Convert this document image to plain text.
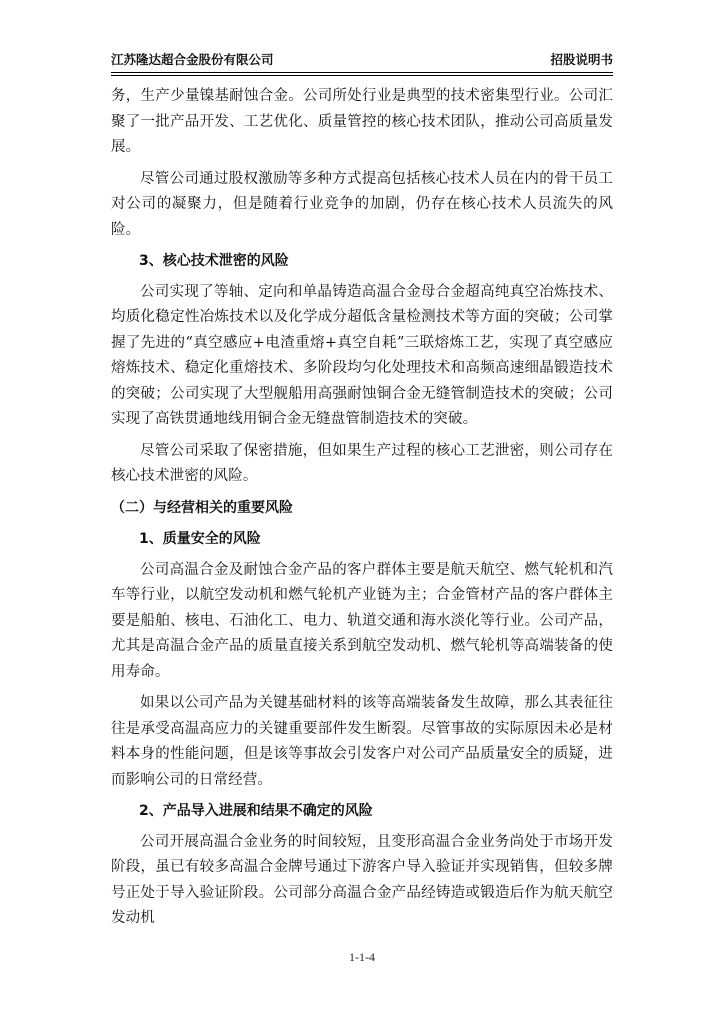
江苏隆达超合金股份有限公司	招股说明书

务，生产少量镍基耐蚀合金。公司所处行业是典型的技术密集型行业。公司汇聚了一批产品开发、工艺优化、质量管控的核心技术团队，推动公司高质量发展。

尽管公司通过股权激励等多种方式提高包括核心技术人员在内的骨干员工对公司的凝聚力，但是随着行业竞争的加剧，仍存在核心技术人员流失的风险。

3、核心技术泄密的风险

公司实现了等轴、定向和单晶铸造高温合金母合金超高纯真空冶炼技术、均质化稳定性冶炼技术以及化学成分超低含量检测技术等方面的突破；公司掌握了先进的“真空感应+电渣重熔+真空自耗”三联熔炼工艺，实现了真空感应熔炼技术、稳定化重熔技术、多阶段均匀化处理技术和高频高速细晶锻造技术的突破；公司实现了大型舰船用高强耐蚀铜合金无缝管制造技术的突破；公司实现了高铁贯通地线用铜合金无缝盘管制造技术的突破。

尽管公司采取了保密措施，但如果生产过程的核心工艺泄密，则公司存在核心技术泄密的风险。

（二）与经营相关的重要风险
1、质量安全的风险

公司高温合金及耐蚀合金产品的客户群体主要是航天航空、燃气轮机和汽车等行业，以航空发动机和燃气轮机产业链为主；合金管材产品的客户群体主要是船舶、核电、石油化工、电力、轨道交通和海水淡化等行业。公司产品，尤其是高温合金产品的质量直接关系到航空发动机、燃气轮机等高端装备的使用寿命。

如果以公司产品为关键基础材料的该等高端装备发生故障，那么其表征往往是承受高温高应力的关键重要部件发生断裂。尽管事故的实际原因未必是材料本身的性能问题，但是该等事故会引发客户对公司产品质量安全的质疑，进而影响公司的日常经营。

2、产品导入进展和结果不确定的风险

公司开展高温合金业务的时间较短，且变形高温合金业务尚处于市场开发阶段，虽已有较多高温合金牌号通过下游客户导入验证并实现销售，但较多牌号正处于导入验证阶段。公司部分高温合金产品经铸造或锻造后作为航天航空发动机

1-1-4
